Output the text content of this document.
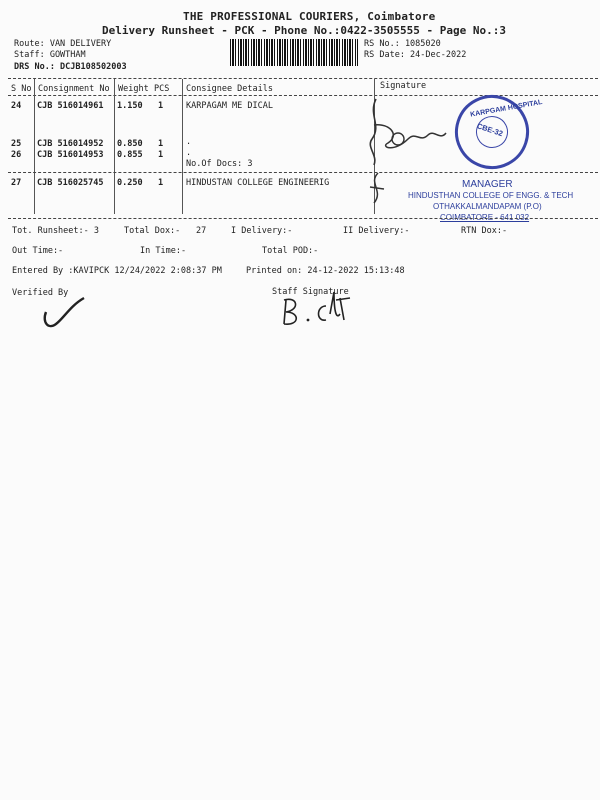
THE PROFESSIONAL COURIERS, Coimbatore
Delivery Runsheet - PCK - Phone No.:0422-3505555 - Page No.:3
Route: VAN DELIVERY
Staff: GOWTHAM
DRS No.: DCJB108502003
RS No.: 1085020
RS Date: 24-Dec-2022
S No Consignment No Weight PCS Consignee Details	Signature
24 CJB 516014961 1.150 1	KARPAGAM ME DICAL
25 CJB 516014952 0.850 1	.
26 CJB 516014953 0.855 1	.
No.Of Docs: 3
27 CJB 516025745 0.250 1	HINDUSTAN COLLEGE ENGINEERIG
KARPGAM HOSPITAL
CBE-32
MANAGER
HINDUSTHAN COLLEGE OF ENGG. & TECH
OTHAKKALMANDAPAM (P.O)
COIMBATORE - 641 032
Tot. Runsheet:- 3	Total Dox:- 27	I Delivery:-	II Delivery:-	RTN Dox:-
Out Time:-	In Time:-	Total POD:-
Entered By :KAVIPCK 12/24/2022 2:08:37 PM	Printed on: 24-12-2022 15:13:48
Verified By	Staff Signature
